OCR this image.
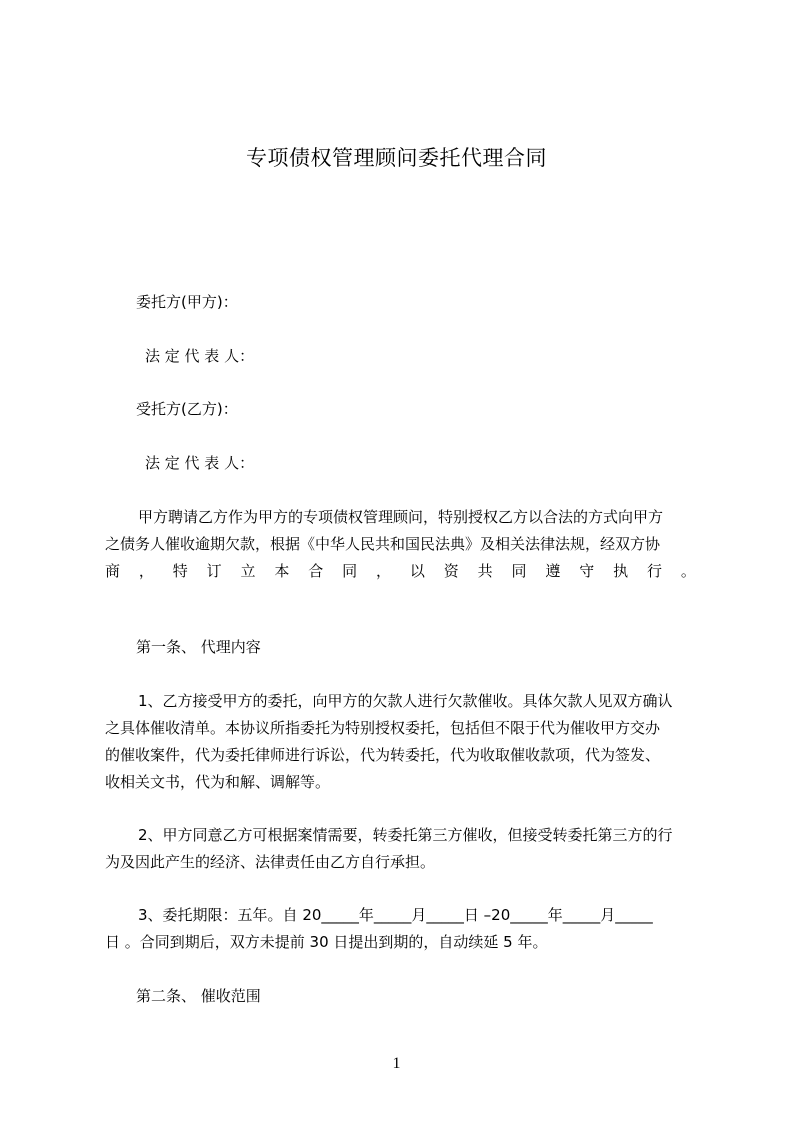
专项债权管理顾问委托代理合同
委托方(甲方)：
法 定 代 表 人：
受托方(乙方)：
法 定 代 表 人：
甲方聘请乙方作为甲方的专项债权管理顾问，特别授权乙方以合法的方式向甲方
之债务人催收逾期欠款，根据《中华人民共和国民法典》及相关法律法规，经双方协
商 ， 特 订 立 本 合 同 ， 以 资 共 同 遵 守 执 行 。
第一条、 代理内容
1、乙方接受甲方的委托，向甲方的欠款人进行欠款催收。具体欠款人见双方确认
之具体催收清单。本协议所指委托为特别授权委托，包括但不限于代为催收甲方交办
的催收案件，代为委托律师进行诉讼，代为转委托，代为收取催收款项，代为签发、
收相关文书，代为和解、调解等。
2、甲方同意乙方可根据案情需要，转委托第三方催收，但接受转委托第三方的行
为及因此产生的经济、法律责任由乙方自行承担。
3、委托期限：五年。自 20_____年_____月_____日 –20_____年_____月_____
日 。合同到期后，双方未提前 30 日提出到期的，自动续延 5 年。
第二条、 催收范围
1
